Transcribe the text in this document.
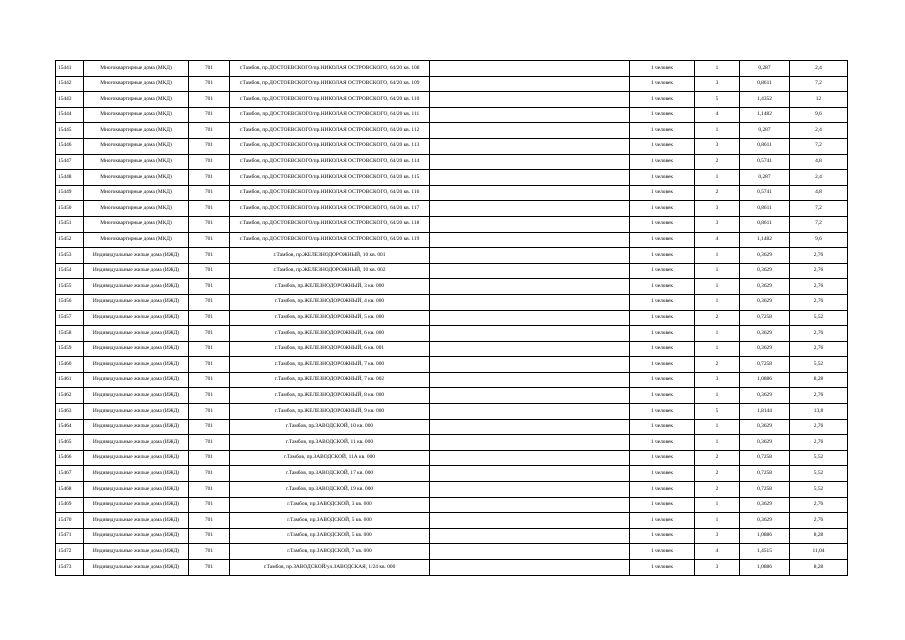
15441	Многоквартирные дома (МКД)	701	г.Тамбов, пр.ДОСТОЕВСКОГО/пр.НИКОЛАЯ ОСТРОВСКОГО, 64/20 кв. 108		1 человек	1	0,287	2,4
15442	Многоквартирные дома (МКД)	701	г.Тамбов, пр.ДОСТОЕВСКОГО/пр.НИКОЛАЯ ОСТРОВСКОГО, 64/20 кв. 109		1 человек	3	0,8611	7,2
15443	Многоквартирные дома (МКД)	701	г.Тамбов, пр.ДОСТОЕВСКОГО/пр.НИКОЛАЯ ОСТРОВСКОГО, 64/20 кв. 110		1 человек	5	1,4352	12
15444	Многоквартирные дома (МКД)	701	г.Тамбов, пр.ДОСТОЕВСКОГО/пр.НИКОЛАЯ ОСТРОВСКОГО, 64/20 кв. 111		1 человек	4	1,1482	9,6
15445	Многоквартирные дома (МКД)	701	г.Тамбов, пр.ДОСТОЕВСКОГО/пр.НИКОЛАЯ ОСТРОВСКОГО, 64/20 кв. 112		1 человек	1	0,287	2,4
15446	Многоквартирные дома (МКД)	701	г.Тамбов, пр.ДОСТОЕВСКОГО/пр.НИКОЛАЯ ОСТРОВСКОГО, 64/20 кв. 113		1 человек	3	0,8611	7,2
15447	Многоквартирные дома (МКД)	701	г.Тамбов, пр.ДОСТОЕВСКОГО/пр.НИКОЛАЯ ОСТРОВСКОГО, 64/20 кв. 114		1 человек	2	0,5741	4,8
15448	Многоквартирные дома (МКД)	701	г.Тамбов, пр.ДОСТОЕВСКОГО/пр.НИКОЛАЯ ОСТРОВСКОГО, 64/20 кв. 115		1 человек	1	0,287	2,4
15449	Многоквартирные дома (МКД)	701	г.Тамбов, пр.ДОСТОЕВСКОГО/пр.НИКОЛАЯ ОСТРОВСКОГО, 64/20 кв. 116		1 человек	2	0,5741	4,8
15450	Многоквартирные дома (МКД)	701	г.Тамбов, пр.ДОСТОЕВСКОГО/пр.НИКОЛАЯ ОСТРОВСКОГО, 64/20 кв. 117		1 человек	3	0,8611	7,2
15451	Многоквартирные дома (МКД)	701	г.Тамбов, пр.ДОСТОЕВСКОГО/пр.НИКОЛАЯ ОСТРОВСКОГО, 64/20 кв. 118		1 человек	3	0,8611	7,2
15452	Многоквартирные дома (МКД)	701	г.Тамбов, пр.ДОСТОЕВСКОГО/пр.НИКОЛАЯ ОСТРОВСКОГО, 64/20 кв. 119		1 человек	4	1,1482	9,6
15453	Индивидуальные жилые дома (ИЖД)	701	г.Тамбов, пр.ЖЕЛЕЗНОДОРОЖНЫЙ, 10 кв. 001		1 человек	1	0,3629	2,76
15454	Индивидуальные жилые дома (ИЖД)	701	г.Тамбов, пр.ЖЕЛЕЗНОДОРОЖНЫЙ, 10 кв. 002		1 человек	1	0,3629	2,76
15455	Индивидуальные жилые дома (ИЖД)	701	г.Тамбов, пр.ЖЕЛЕЗНОДОРОЖНЫЙ, 3 кв. 000		1 человек	1	0,3629	2,76
15456	Индивидуальные жилые дома (ИЖД)	701	г.Тамбов, пр.ЖЕЛЕЗНОДОРОЖНЫЙ, 4 кв. 000		1 человек	1	0,3629	2,76
15457	Индивидуальные жилые дома (ИЖД)	701	г.Тамбов, пр.ЖЕЛЕЗНОДОРОЖНЫЙ, 5 кв. 000		1 человек	2	0,7258	5,52
15458	Индивидуальные жилые дома (ИЖД)	701	г.Тамбов, пр.ЖЕЛЕЗНОДОРОЖНЫЙ, 6 кв. 000		1 человек	1	0,3629	2,76
15459	Индивидуальные жилые дома (ИЖД)	701	г.Тамбов, пр.ЖЕЛЕЗНОДОРОЖНЫЙ, 6 кв. 001		1 человек	1	0,3629	2,76
15460	Индивидуальные жилые дома (ИЖД)	701	г.Тамбов, пр.ЖЕЛЕЗНОДОРОЖНЫЙ, 7 кв. 000		1 человек	2	0,7258	5,52
15461	Индивидуальные жилые дома (ИЖД)	701	г.Тамбов, пр.ЖЕЛЕЗНОДОРОЖНЫЙ, 7 кв. 002		1 человек	3	1,0886	8,28
15462	Индивидуальные жилые дома (ИЖД)	701	г.Тамбов, пр.ЖЕЛЕЗНОДОРОЖНЫЙ, 8 кв. 000		1 человек	1	0,3629	2,76
15463	Индивидуальные жилые дома (ИЖД)	701	г.Тамбов, пр.ЖЕЛЕЗНОДОРОЖНЫЙ, 9 кв. 000		1 человек	5	1,8144	13,8
15464	Индивидуальные жилые дома (ИЖД)	701	г.Тамбов, пр.ЗАВОДСКОЙ, 10 кв. 000		1 человек	1	0,3629	2,76
15465	Индивидуальные жилые дома (ИЖД)	701	г.Тамбов, пр.ЗАВОДСКОЙ, 11 кв. 000		1 человек	1	0,3629	2,76
15466	Индивидуальные жилые дома (ИЖД)	701	г.Тамбов, пр.ЗАВОДСКОЙ, 11А кв. 000		1 человек	2	0,7258	5,52
15467	Индивидуальные жилые дома (ИЖД)	701	г.Тамбов, пр.ЗАВОДСКОЙ, 17 кв. 000		1 человек	2	0,7258	5,52
15468	Индивидуальные жилые дома (ИЖД)	701	г.Тамбов, пр.ЗАВОДСКОЙ, 19 кв. 000		1 человек	2	0,7258	5,52
15469	Индивидуальные жилые дома (ИЖД)	701	г.Тамбов, пр.ЗАВОДСКОЙ, 3 кв. 000		1 человек	1	0,3629	2,76
15470	Индивидуальные жилые дома (ИЖД)	701	г.Тамбов, пр.ЗАВОДСКОЙ, 5 кв. 000		1 человек	1	0,3629	2,76
15471	Индивидуальные жилые дома (ИЖД)	701	г.Тамбов, пр.ЗАВОДСКОЙ, 5 кв. 000		1 человек	3	1,0886	8,28
15472	Индивидуальные жилые дома (ИЖД)	701	г.Тамбов, пр.ЗАВОДСКОЙ, 7 кв. 000		1 человек	4	1,4515	11,04
15473	Индивидуальные жилые дома (ИЖД)	701	г.Тамбов, пр.ЗАВОДСКОЙ/ул.ЗАВОДСКАЯ, 1/24 кв. 000		1 человек	3	1,0886	8,28
